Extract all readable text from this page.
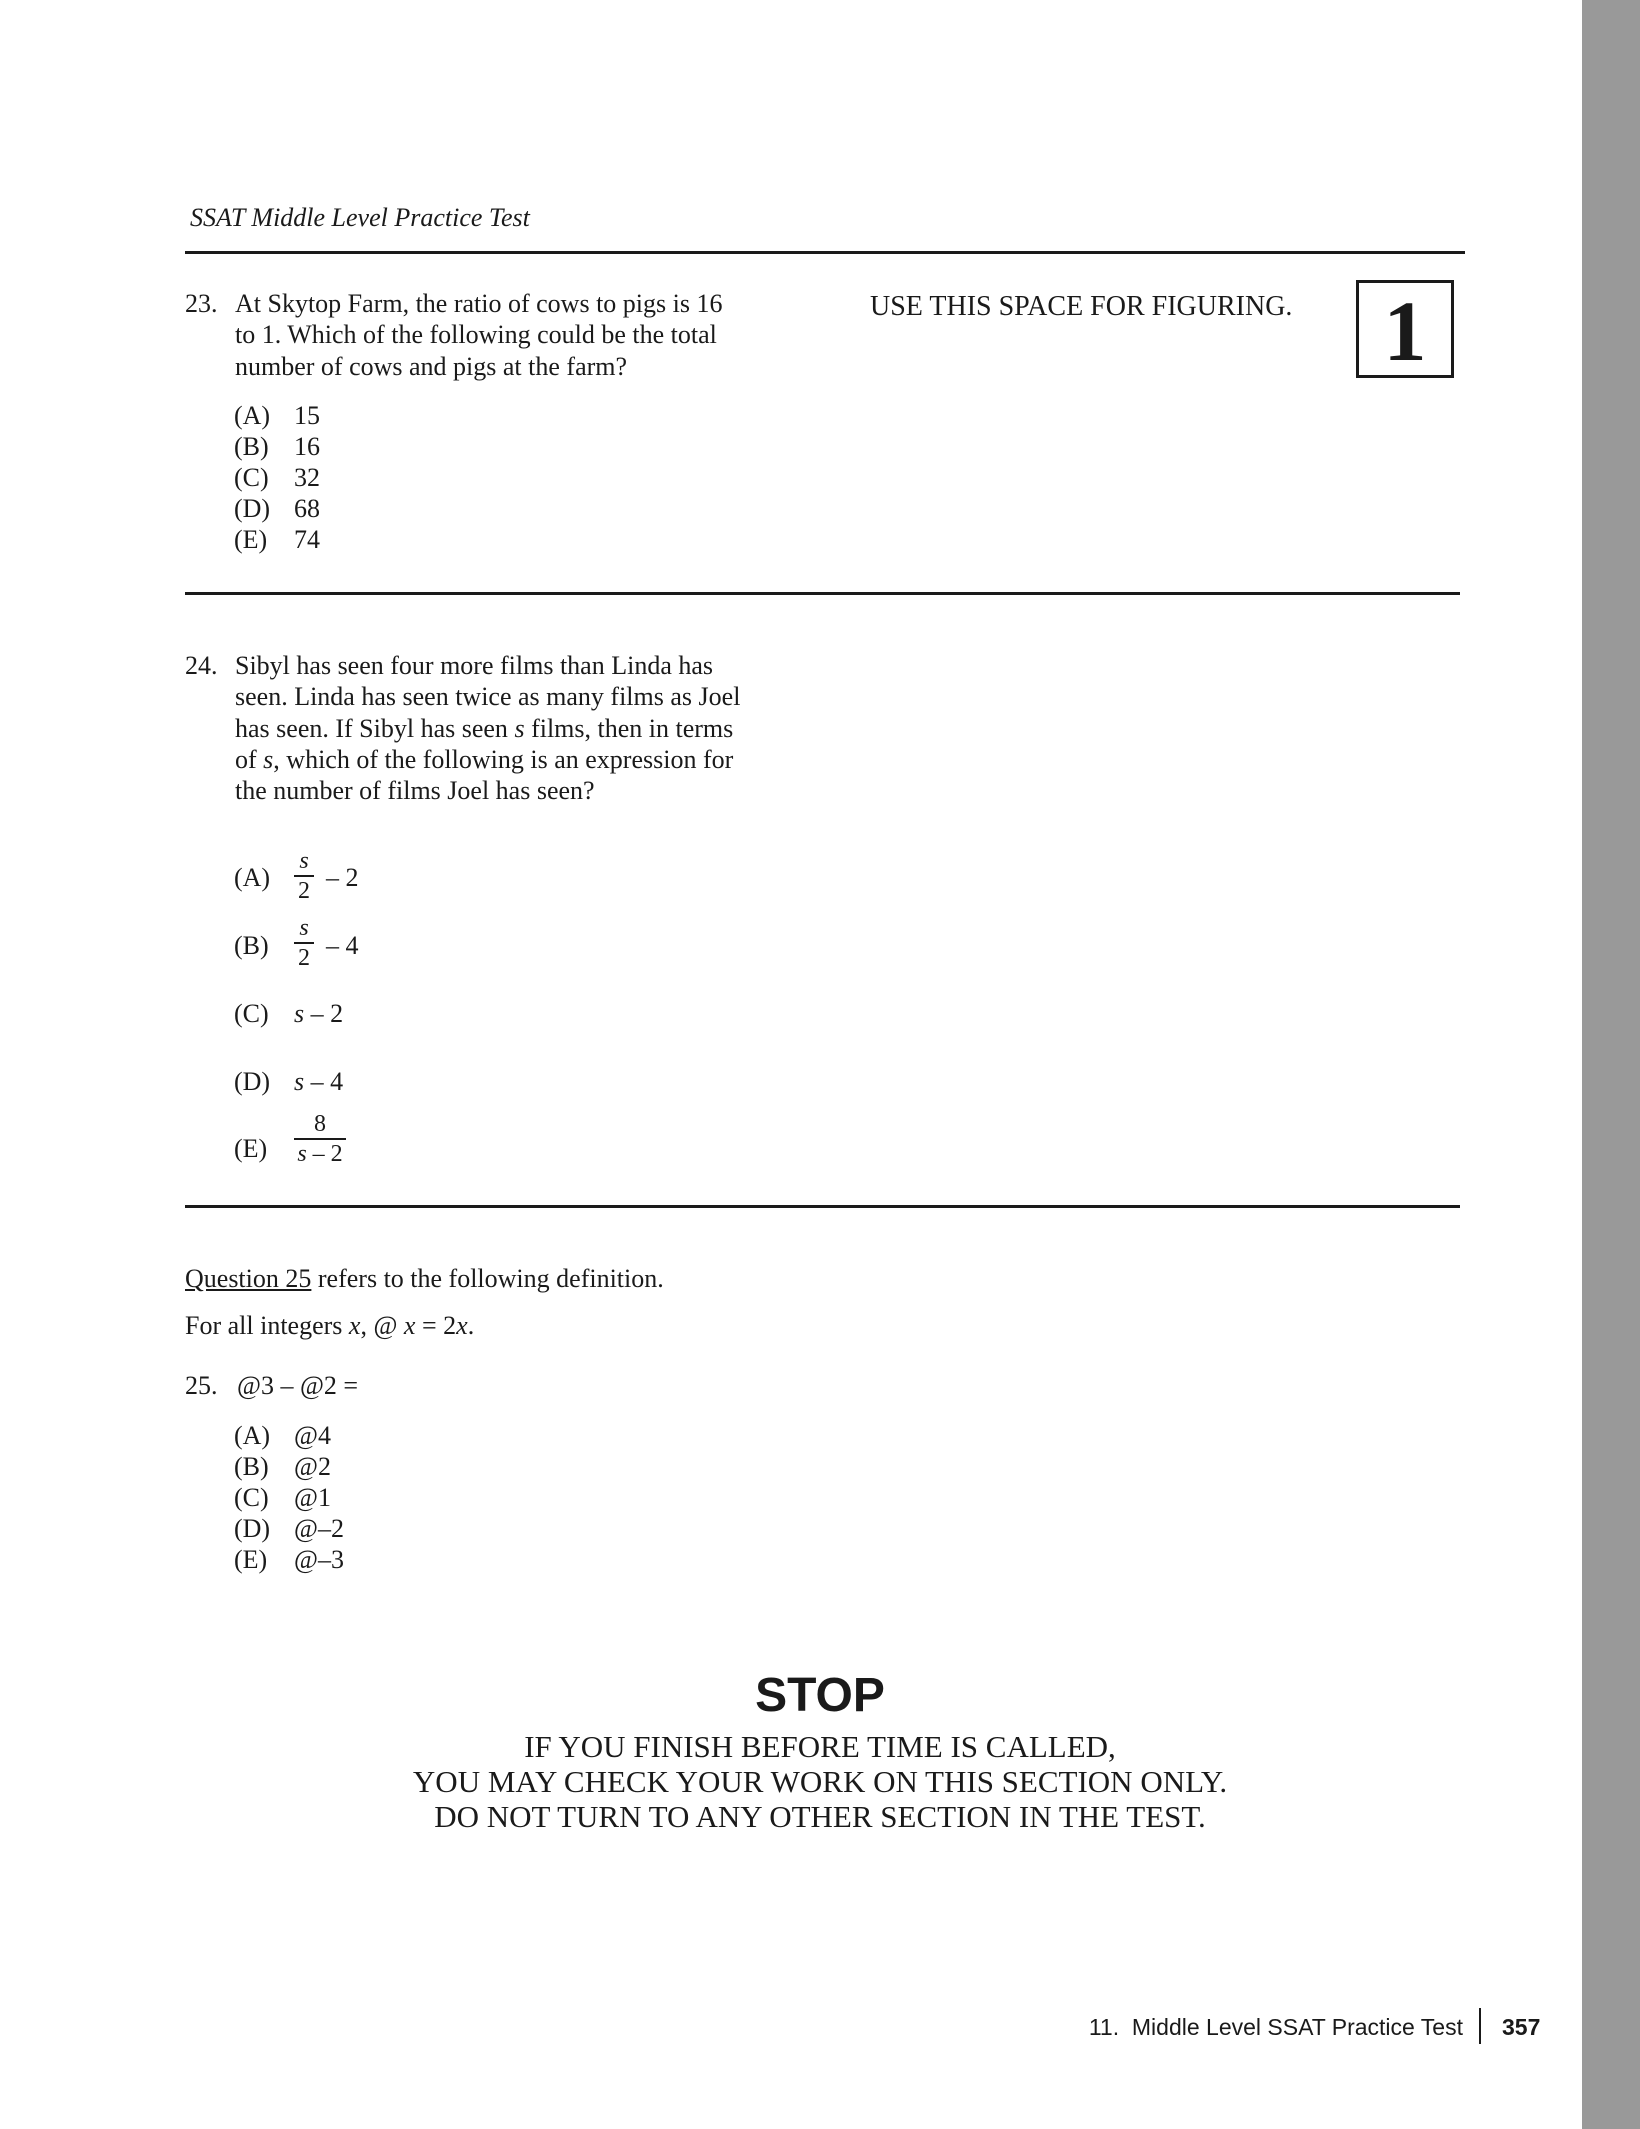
SSAT Middle Level Practice Test
USE THIS SPACE FOR FIGURING.	1
23. At Skytop Farm, the ratio of cows to pigs is 16
to 1. Which of the following could be the total
number of cows and pigs at the farm?
(A) 15
(B) 16
(C) 32
(D) 68
(E) 74
24. Sibyl has seen four more films than Linda has
seen. Linda has seen twice as many films as Joel
has seen. If Sibyl has seen s films, then in terms
of s, which of the following is an expression for
the number of films Joel has seen?
(A)
s
2 – 2
(B)
s
2 – 4
(C) s – 2
(D) s – 4
(E)
8
s – 2
Question 25 refers to the following definition.
For all integers x, @ x = 2x.
25. @3 – @2 =
(A) @4
(B) @2
(C) @1
(D) @–2
(E) @–3
STOP
IF YOU FINISH BEFORE TIME IS CALLED,
YOU MAY CHECK YOUR WORK ON THIS SECTION ONLY.
DO NOT TURN TO ANY OTHER SECTION IN THE TEST.
11.  Middle Level SSAT Practice Test 357
